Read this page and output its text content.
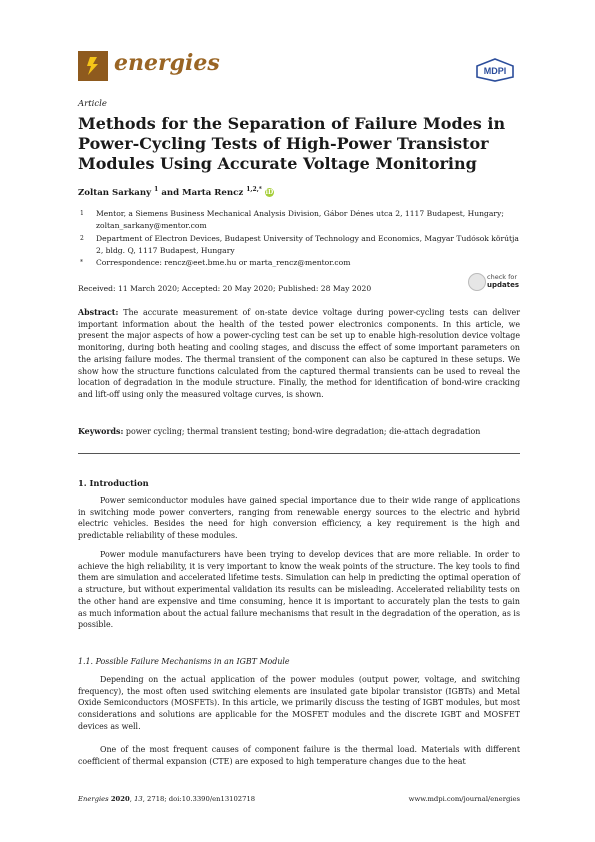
energies	MDPI
Article
Methods for the Separation of Failure Modes in Power-Cycling Tests of High-Power Transistor Modules Using Accurate Voltage Monitoring
Zoltan Sarkany $^1$ and Marta Rencz $^{1,2,*}$ iD
1 Mentor, a Siemens Business Mechanical Analysis Division, Gábor Dénes utca 2, 1117 Budapest, Hungary; zoltan_sarkany@mentor.com
2 Department of Electron Devices, Budapest University of Technology and Economics, Magyar Tudósok körútja 2, bldg. Q, 1117 Budapest, Hungary
* Correspondence: rencz@eet.bme.hu or marta_rencz@mentor.com
check for
updates
Received: 11 March 2020; Accepted: 20 May 2020; Published: 28 May 2020
Abstract: The accurate measurement of on-state device voltage during power-cycling tests can deliver important information about the health of the tested power electronics components. In this article, we present the major aspects of how a power-cycling test can be set up to enable high-resolution device voltage monitoring, during both heating and cooling stages, and discuss the effect of some important parameters on the arising failure modes. The thermal transient of the component can also be captured in these setups. We show how the structure functions calculated from the captured thermal transients can be used to reveal the location of degradation in the module structure. Finally, the method for identification of bond-wire cracking and lift-off using only the measured voltage curves, is shown.
Keywords: power cycling; thermal transient testing; bond-wire degradation; die-attach degradation
1. Introduction

Power semiconductor modules have gained special importance due to their wide range of applications in switching mode power converters, ranging from renewable energy sources to the electric and hybrid electric vehicles. Besides the need for high conversion efficiency, a key requirement is the high and predictable reliability of these modules.

Power module manufacturers have been trying to develop devices that are more reliable. In order to achieve the high reliability, it is very important to know the weak points of the structure. The key tools to find them are simulation and accelerated lifetime tests. Simulation can help in predicting the optimal operation of a structure, but without experimental validation its results can be misleading. Accelerated reliability tests on the other hand are expensive and time consuming, hence it is important to accurately plan the tests to gain as much information about the actual failure mechanisms that result in the degradation of the operation, as is possible.

1.1. Possible Failure Mechanisms in an IGBT Module

Depending on the actual application of the power modules (output power, voltage, and switching frequency), the most often used switching elements are insulated gate bipolar transistor (IGBTs) and Metal Oxide Semiconductors (MOSFETs). In this article, we primarily discuss the testing of IGBT modules, but most considerations and solutions are applicable for the MOSFET modules and the discrete IGBT and MOSFET devices as well.

One of the most frequent causes of component failure is the thermal load. Materials with different coefficient of thermal expansion (CTE) are exposed to high temperature changes due to the heat

Energies 2020, 13, 2718; doi:10.3390/en13102718	www.mdpi.com/journal/energies
